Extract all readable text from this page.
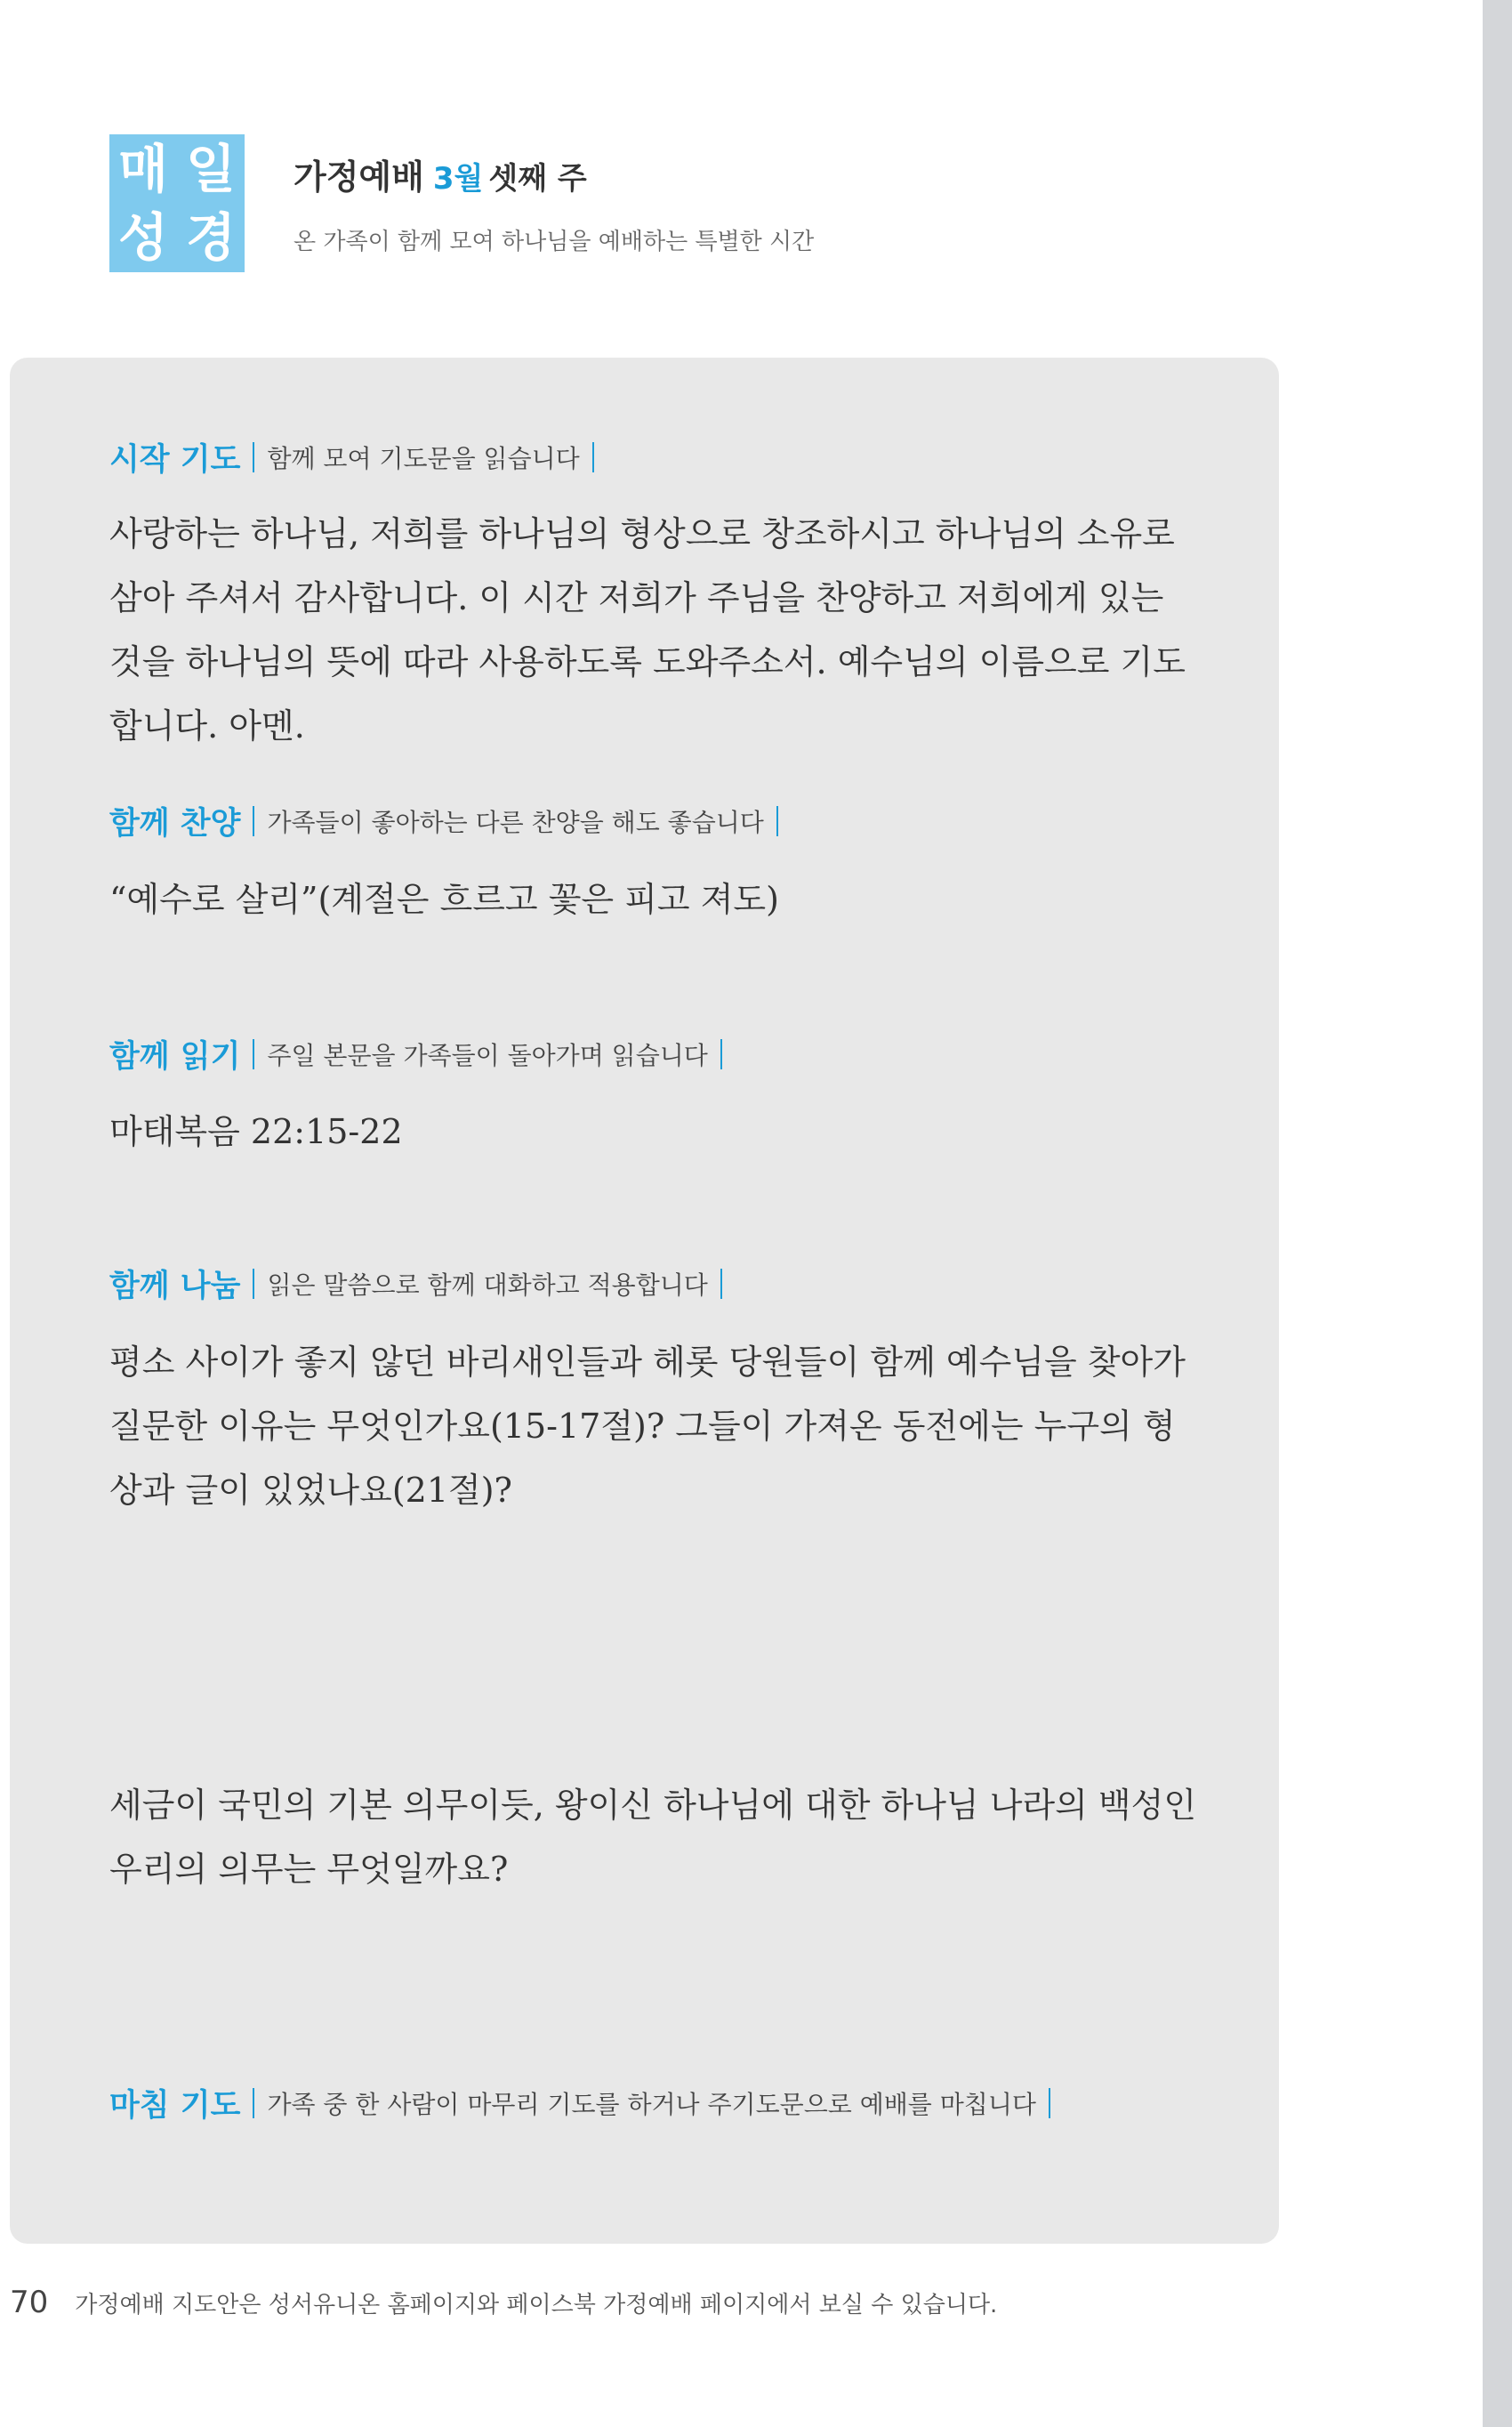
매 일
성 경
가정예배 3월 셋째 주
온 가족이 함께 모여 하나님을 예배하는 특별한 시간
시작 기도 함께 모여 기도문을 읽습니다
사랑하는 하나님, 저희를 하나님의 형상으로 창조하시고 하나님의 소유로 삼아 주셔서 감사합니다. 이 시간 저희가 주님을 찬양하고 저희에게 있는 것을 하나님의 뜻에 따라 사용하도록 도와주소서. 예수님의 이름으로 기도합니다. 아멘.
함께 찬양 가족들이 좋아하는 다른 찬양을 해도 좋습니다
“예수로 살리”(계절은 흐르고 꽃은 피고 져도)
함께 읽기 주일 본문을 가족들이 돌아가며 읽습니다
마태복음 22:15-22
함께 나눔 읽은 말씀으로 함께 대화하고 적용합니다
평소 사이가 좋지 않던 바리새인들과 헤롯 당원들이 함께 예수님을 찾아가 질문한 이유는 무엇인가요(15-17절)? 그들이 가져온 동전에는 누구의 형상과 글이 있었나요(21절)?
세금이 국민의 기본 의무이듯, 왕이신 하나님에 대한 하나님 나라의 백성인 우리의 의무는 무엇일까요?
마침 기도 가족 중 한 사람이 마무리 기도를 하거나 주기도문으로 예배를 마칩니다
70 가정예배 지도안은 성서유니온 홈페이지와 페이스북 가정예배 페이지에서 보실 수 있습니다.
